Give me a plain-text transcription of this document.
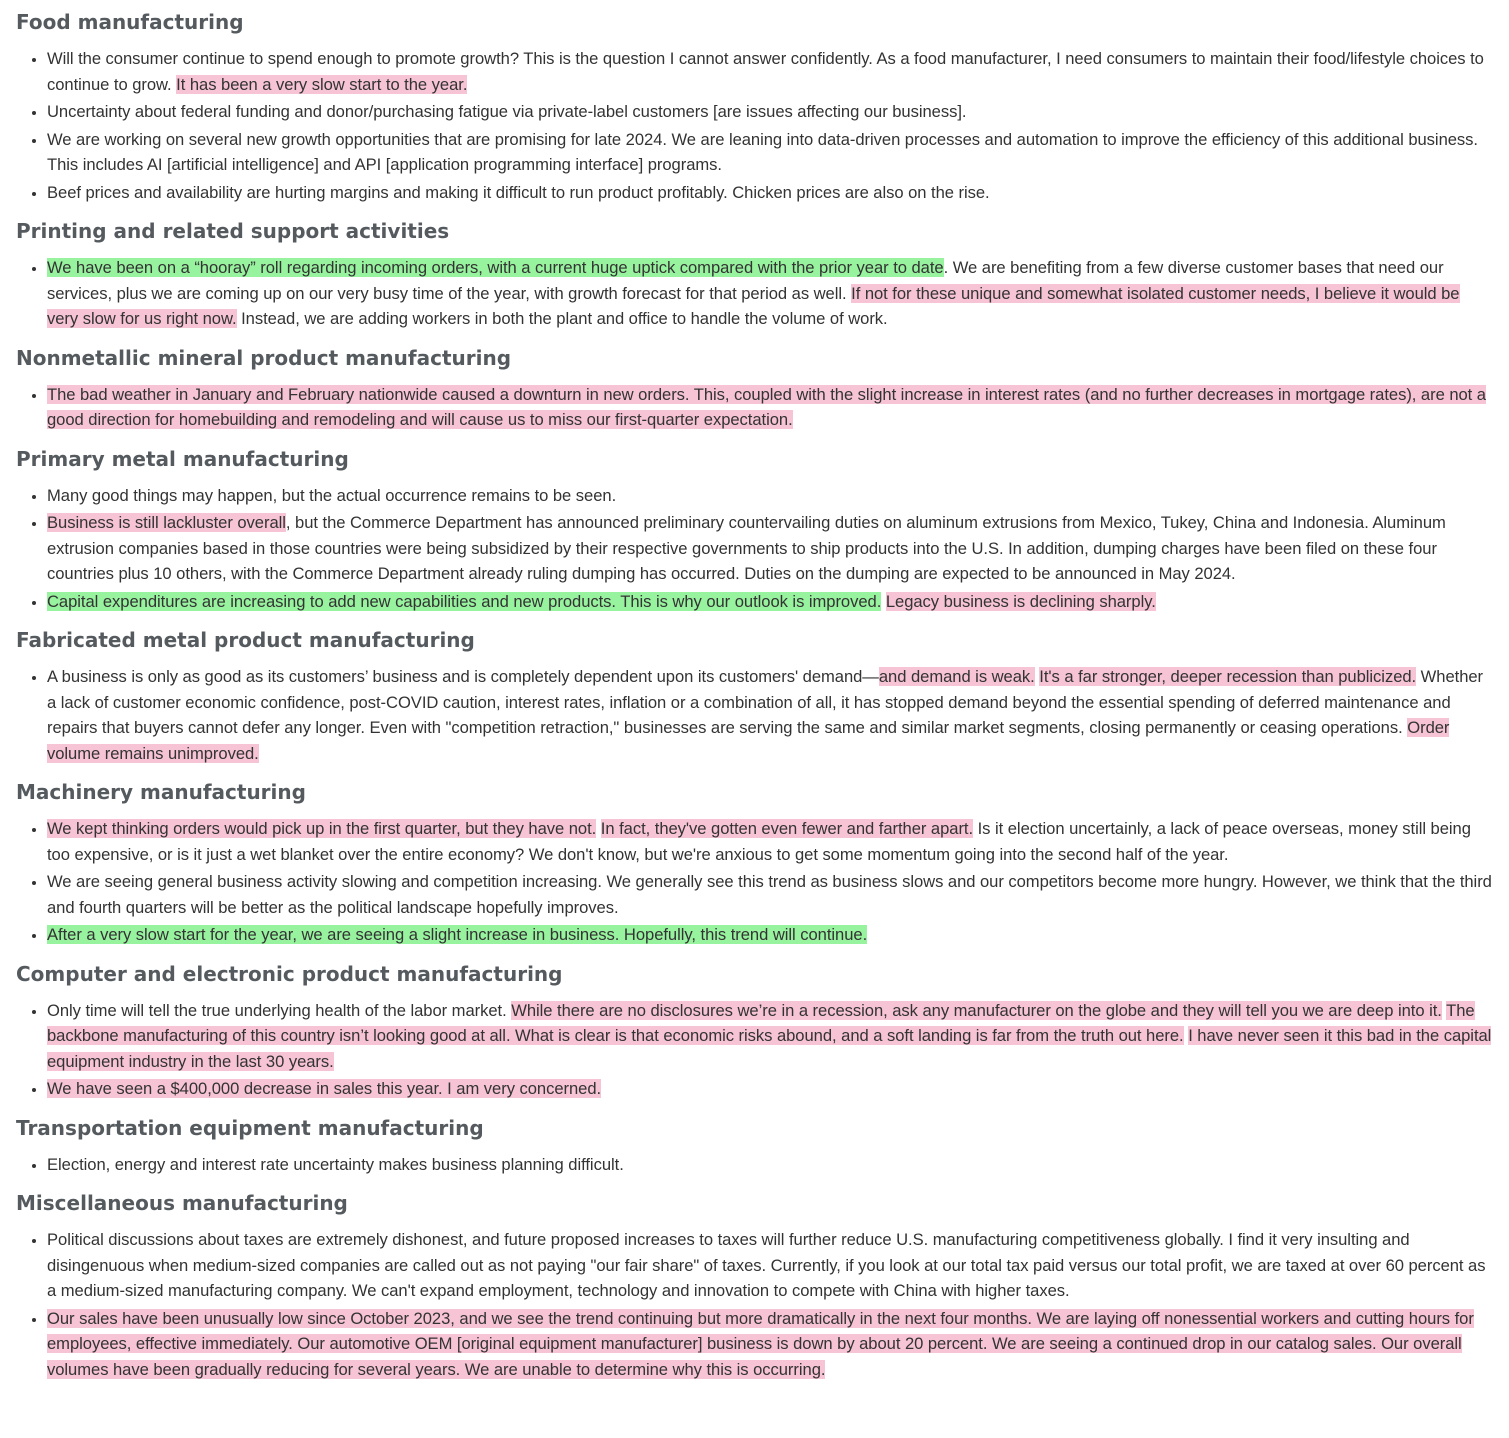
Food manufacturing
• Will the consumer continue to spend enough to promote growth? This is the question I cannot answer confidently. As a food manufacturer, I need consumers to maintain their food/lifestyle choices to continue to grow. It has been a very slow start to the year.
• Uncertainty about federal funding and donor/purchasing fatigue via private-label customers [are issues affecting our business].
• We are working on several new growth opportunities that are promising for late 2024. We are leaning into data-driven processes and automation to improve the efficiency of this additional business. This includes AI [artificial intelligence] and API [application programming interface] programs.
• Beef prices and availability are hurting margins and making it difficult to run product profitably. Chicken prices are also on the rise.
Printing and related support activities
• We have been on a “hooray” roll regarding incoming orders, with a current huge uptick compared with the prior year to date. We are benefiting from a few diverse customer bases that need our services, plus we are coming up on our very busy time of the year, with growth forecast for that period as well. If not for these unique and somewhat isolated customer needs, I believe it would be very slow for us right now. Instead, we are adding workers in both the plant and office to handle the volume of work.
Nonmetallic mineral product manufacturing
• The bad weather in January and February nationwide caused a downturn in new orders. This, coupled with the slight increase in interest rates (and no further decreases in mortgage rates), are not a good direction for homebuilding and remodeling and will cause us to miss our first-quarter expectation.
Primary metal manufacturing
• Many good things may happen, but the actual occurrence remains to be seen.
• Business is still lackluster overall, but the Commerce Department has announced preliminary countervailing duties on aluminum extrusions from Mexico, Tukey, China and Indonesia. Aluminum extrusion companies based in those countries were being subsidized by their respective governments to ship products into the U.S. In addition, dumping charges have been filed on these four countries plus 10 others, with the Commerce Department already ruling dumping has occurred. Duties on the dumping are expected to be announced in May 2024.
• Capital expenditures are increasing to add new capabilities and new products. This is why our outlook is improved. Legacy business is declining sharply.
Fabricated metal product manufacturing
• A business is only as good as its customers’ business and is completely dependent upon its customers' demand—and demand is weak. It's a far stronger, deeper recession than publicized. Whether a lack of customer economic confidence, post-COVID caution, interest rates, inflation or a combination of all, it has stopped demand beyond the essential spending of deferred maintenance and repairs that buyers cannot defer any longer. Even with "competition retraction," businesses are serving the same and similar market segments, closing permanently or ceasing operations. Order volume remains unimproved.
Machinery manufacturing
• We kept thinking orders would pick up in the first quarter, but they have not. In fact, they've gotten even fewer and farther apart. Is it election uncertainly, a lack of peace overseas, money still being too expensive, or is it just a wet blanket over the entire economy? We don't know, but we're anxious to get some momentum going into the second half of the year.
• We are seeing general business activity slowing and competition increasing. We generally see this trend as business slows and our competitors become more hungry. However, we think that the third and fourth quarters will be better as the political landscape hopefully improves.
• After a very slow start for the year, we are seeing a slight increase in business. Hopefully, this trend will continue.
Computer and electronic product manufacturing
• Only time will tell the true underlying health of the labor market. While there are no disclosures we’re in a recession, ask any manufacturer on the globe and they will tell you we are deep into it. The backbone manufacturing of this country isn’t looking good at all. What is clear is that economic risks abound, and a soft landing is far from the truth out here. I have never seen it this bad in the capital equipment industry in the last 30 years.
• We have seen a $400,000 decrease in sales this year. I am very concerned.
Transportation equipment manufacturing
• Election, energy and interest rate uncertainty makes business planning difficult.
Miscellaneous manufacturing
• Political discussions about taxes are extremely dishonest, and future proposed increases to taxes will further reduce U.S. manufacturing competitiveness globally. I find it very insulting and disingenuous when medium-sized companies are called out as not paying "our fair share" of taxes. Currently, if you look at our total tax paid versus our total profit, we are taxed at over 60 percent as a medium-sized manufacturing company. We can't expand employment, technology and innovation to compete with China with higher taxes.
• Our sales have been unusually low since October 2023, and we see the trend continuing but more dramatically in the next four months. We are laying off nonessential workers and cutting hours for employees, effective immediately. Our automotive OEM [original equipment manufacturer] business is down by about 20 percent. We are seeing a continued drop in our catalog sales. Our overall volumes have been gradually reducing for several years. We are unable to determine why this is occurring.
